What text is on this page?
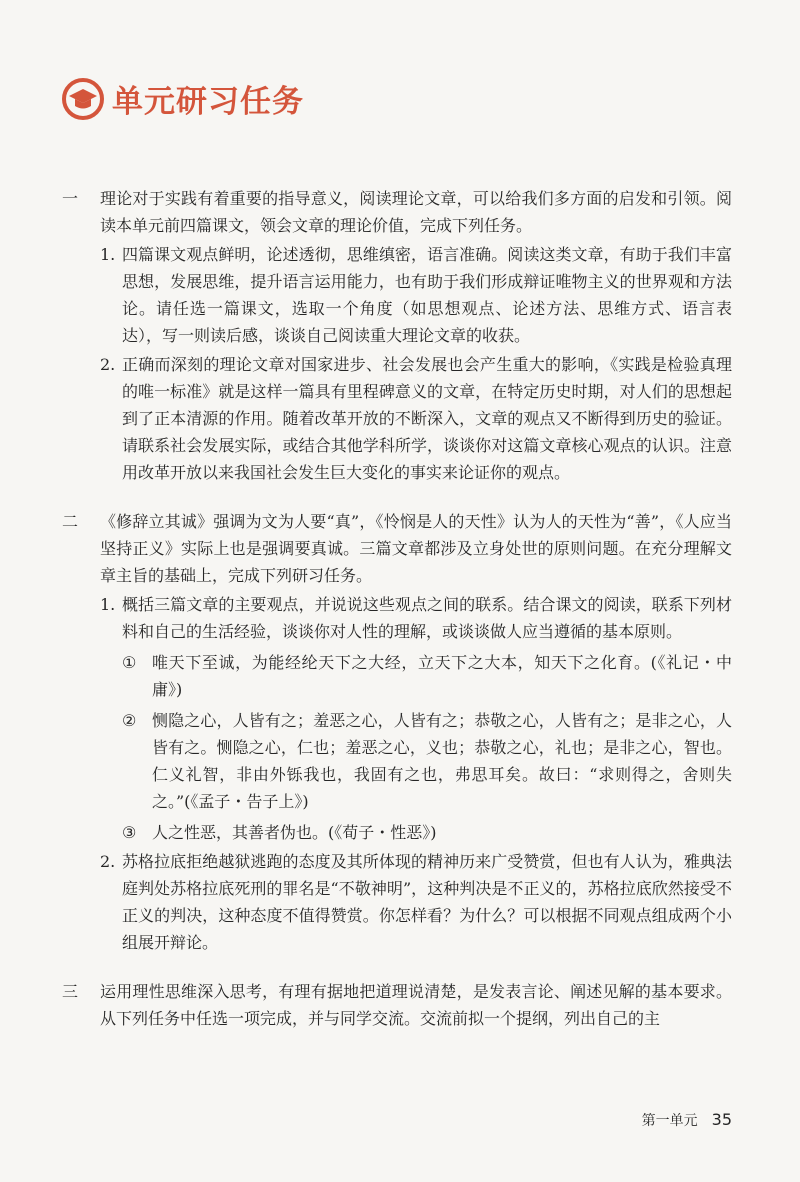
单元研习任务
一	理论对于实践有着重要的指导意义，阅读理论文章，可以给我们多方面的启发和引领。阅读本单元前四篇课文，领会文章的理论价值，完成下列任务。
1. 四篇课文观点鲜明，论述透彻，思维缜密，语言准确。阅读这类文章，有助于我们丰富思想，发展思维，提升语言运用能力，也有助于我们形成辩证唯物主义的世界观和方法论。请任选一篇课文，选取一个角度（如思想观点、论述方法、思维方式、语言表达），写一则读后感，谈谈自己阅读重大理论文章的收获。
2. 正确而深刻的理论文章对国家进步、社会发展也会产生重大的影响，《实践是检验真理的唯一标准》就是这样一篇具有里程碑意义的文章，在特定历史时期，对人们的思想起到了正本清源的作用。随着改革开放的不断深入，文章的观点又不断得到历史的验证。请联系社会发展实际，或结合其他学科所学，谈谈你对这篇文章核心观点的认识。注意用改革开放以来我国社会发生巨大变化的事实来论证你的观点。
二	《修辞立其诚》强调为文为人要“真”，《怜悯是人的天性》认为人的天性为“善”，《人应当坚持正义》实际上也是强调要真诚。三篇文章都涉及立身处世的原则问题。在充分理解文章主旨的基础上，完成下列研习任务。
1. 概括三篇文章的主要观点，并说说这些观点之间的联系。结合课文的阅读，联系下列材料和自己的生活经验，谈谈你对人性的理解，或谈谈做人应当遵循的基本原则。
① 唯天下至诚，为能经纶天下之大经，立天下之大本，知天下之化育。(《礼记・中庸》)
② 恻隐之心，人皆有之；羞恶之心，人皆有之；恭敬之心，人皆有之；是非之心，人皆有之。恻隐之心，仁也；羞恶之心，义也；恭敬之心，礼也；是非之心，智也。仁义礼智，非由外铄我也，我固有之也，弗思耳矣。故曰：“求则得之，舍则失之。”(《孟子・告子上》)
③ 人之性恶，其善者伪也。(《荀子・性恶》)
2. 苏格拉底拒绝越狱逃跑的态度及其所体现的精神历来广受赞赏，但也有人认为，雅典法庭判处苏格拉底死刑的罪名是“不敬神明”，这种判决是不正义的，苏格拉底欣然接受不正义的判决，这种态度不值得赞赏。你怎样看？为什么？可以根据不同观点组成两个小组展开辩论。
三	运用理性思维深入思考，有理有据地把道理说清楚，是发表言论、阐述见解的基本要求。从下列任务中任选一项完成，并与同学交流。交流前拟一个提纲，列出自己的主
第一单元 35
